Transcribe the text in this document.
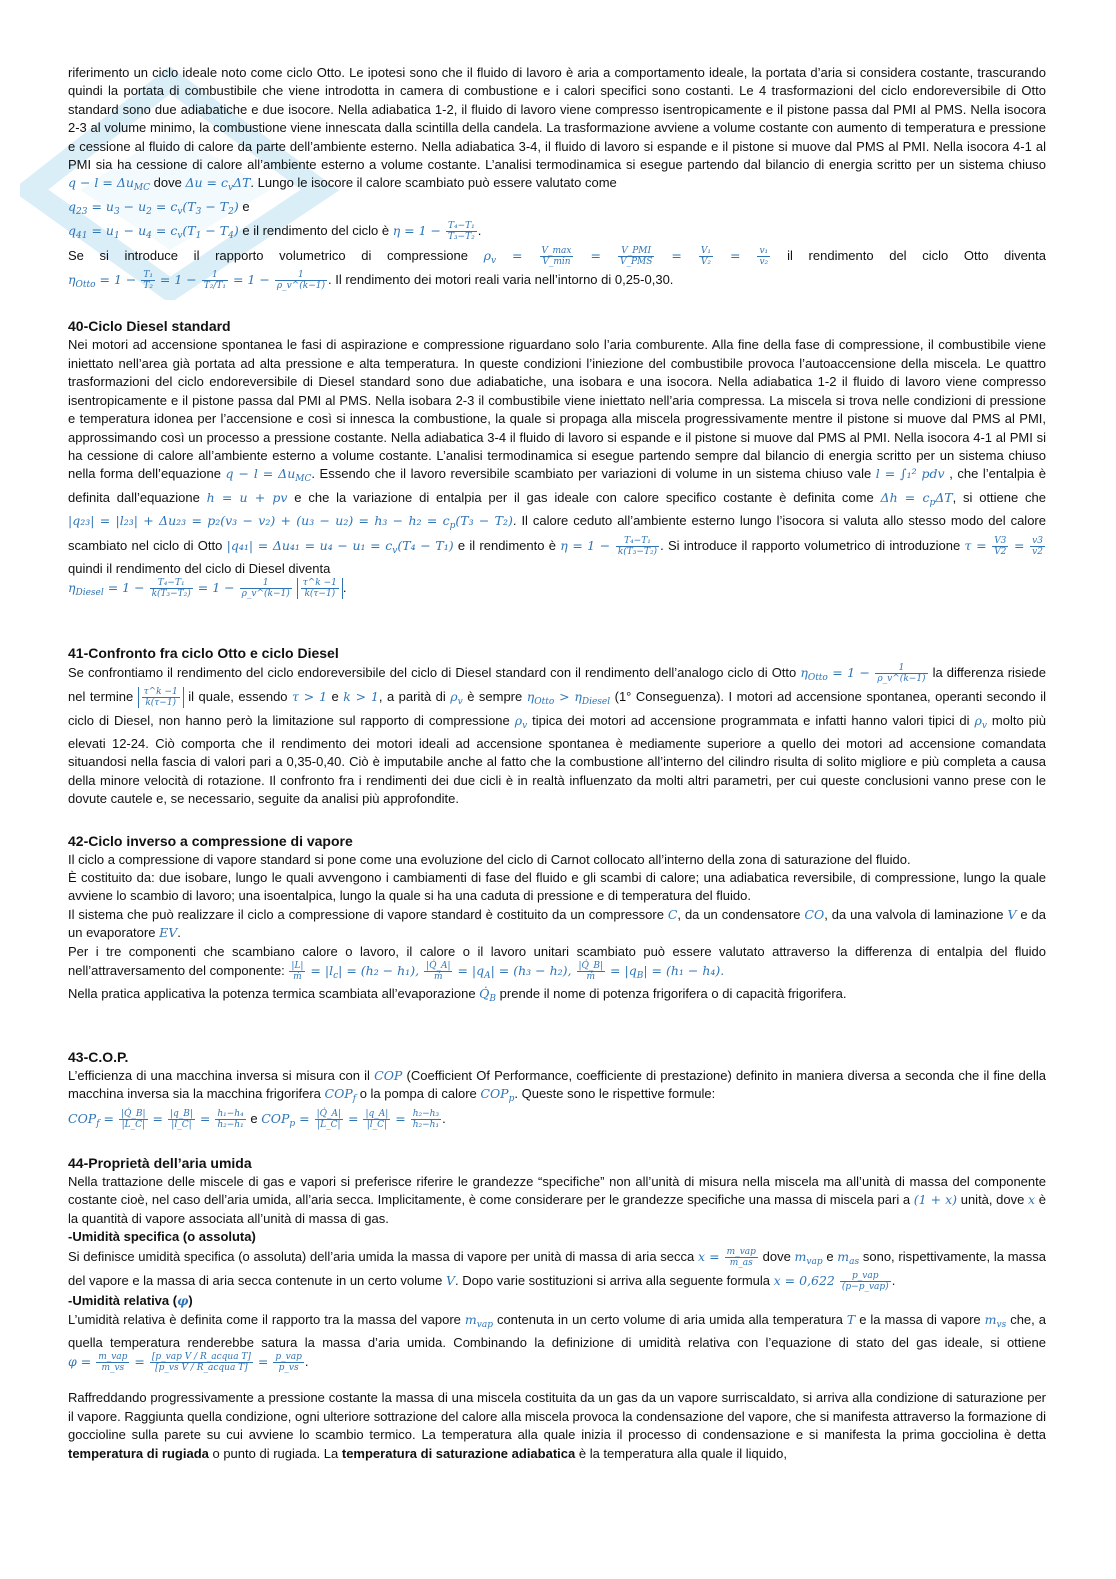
riferimento un ciclo ideale noto come ciclo Otto. Le ipotesi sono che il fluido di lavoro è aria a comportamento ideale, la portata d’aria si considera costante, trascurando quindi la portata di combustibile che viene introdotta in camera di combustione e i calori specifici sono costanti. Le 4 trasformazioni del ciclo endoreversibile di Otto standard sono due adiabatiche e due isocore. Nella adiabatica 1-2, il fluido di lavoro viene compresso isentropicamente e il pistone passa dal PMI al PMS. Nella isocora 2-3 al volume minimo, la combustione viene innescata dalla scintilla della candela. La trasformazione avviene a volume costante con aumento di temperatura e pressione e cessione al fluido di calore da parte dell’ambiente esterno. Nella adiabatica 3-4, il fluido di lavoro si espande e il pistone si muove dal PMS al PMI. Nella isocora 4-1 al PMI sia ha cessione di calore all’ambiente esterno a volume costante. L’analisi termodinamica si esegue partendo dal bilancio di energia scritto per un sistema chiuso $q - l = \Delta u_{MC}$ dove $\Delta u = c_v\Delta T$. Lungo le isocore il calore scambiato può essere valutato come

$q_{23} = u_3 - u_2 = c_v(T_3 - T_2)$ e
$q_{41} = u_1 - u_4 = c_v(T_1 - T_4)$ e il rendimento del ciclo è $\eta = 1 - \frac{\text{T₄−T₁}}{\text{T₃−T₂}}$ .

Se si introduce il rapporto volumetrico di compressione $\rho_v = \frac{V\_\max}{V\_\min} = \frac{\text{V\_PMI}}{\text{V\_PMS}} = \frac{\text{V₁}}{\text{V₂}} = \frac{\text{v₁}}{\text{v₂}}$ il rendimento del ciclo Otto diventa $\eta_{Otto} = 1 - \frac{\text{T₁}}{\text{T₂}} = 1 - \frac{1}{\text{T₂/T₁}} = 1 - \frac{1}{\rho\_v\^{}(k-1)}$ . Il rendimento dei motori reali varia nell’intorno di 0,25-0,30.

40-Ciclo Diesel standard

Nei motori ad accensione spontanea le fasi di aspirazione e compressione riguardano solo l’aria comburente. Alla fine della fase di compressione, il combustibile viene iniettato nell’area già portata ad alta pressione e alta temperatura. In queste condizioni l’iniezione del combustibile provoca l’autoaccensione della miscela. Le quattro trasformazioni del ciclo endoreversibile di Diesel standard sono due adiabatiche, una isobara e una isocora. Nella adiabatica 1-2 il fluido di lavoro viene compresso isentropicamente e il pistone passa dal PMI al PMS. Nella isobara 2-3 il combustibile viene iniettato nell’aria compressa. La miscela si trova nelle condizioni di pressione e temperatura idonea per l’accensione e così si innesca la combustione, la quale si propaga alla miscela progressivamente mentre il pistone si muove dal PMS al PMI, approssimando così un processo a pressione costante. Nella adiabatica 3-4 il fluido di lavoro si espande e il pistone si muove dal PMS al PMI. Nella isocora 4-1 al PMI si ha cessione di calore all’ambiente esterno a volume costante. L’analisi termodinamica si esegue partendo sempre dal bilancio di energia scritto per un sistema chiuso nella forma dell’equazione $q - l = \Delta u_{MC}$. Essendo che il lavoro reversibile scambiato per variazioni di volume in un sistema chiuso vale l = ∫₁² pdv , che l’entalpia è definita dall’equazione h = u + pv e che la variazione di entalpia per il gas ideale con calore specifico costante è definita come $\Delta h = c_p\Delta T$, si ottiene che $|q_{23}| = |l_{23}| + \Delta u_{23} = p_2(v_3 - v_2) + (u_3 - u_2) = h_3 - h_2 = c_p(T_3 - T_2)$. Il calore ceduto all’ambiente esterno lungo l’isocora si valuta allo stesso modo del calore scambiato nel ciclo di Otto $|q_{41}| = \Delta u_{41} = u_4 - u_1 = c_v(T_4 - T_1)$ e il rendimento è $\eta = 1 - \frac{\text{T₄−T₁}}{\text{k(T₃−T₂)}}$ . Si introduce il rapporto volumetrico di introduzione $\tau = \frac{V3}{V2} = \frac{v3}{v2}$
quindi il rendimento del ciclo di Diesel diventa

$\eta_{Diesel} = 1 - \frac{\text{T₄−T₁}}{\text{k(T₃−T₂)}} = 1 - \frac{1}{\rho\_v\^{}(k-1)}$
$\frac{\tau\^{}k -1}{k(\tau-1)}$ .
41-Confronto fra ciclo Otto e ciclo Diesel

Se confrontiamo il rendimento del ciclo endoreversibile del ciclo di Diesel standard con il rendimento dell’analogo ciclo di Otto $\eta_{Otto} = 1 - \frac{1}{\rho\_v\^{}(k-1)}$ la differenza risiede nel termine $\frac{\tau\^{}k -1}{k(\tau-1)}$ il quale, essendo τ > 1 e k > 1, a parità di $\rho_v$ è sempre $\eta_{Otto} > \eta_{Diesel}$ (1° Conseguenza). I motori ad accensione spontanea, operanti secondo il ciclo di Diesel, non hanno però la limitazione sul rapporto di compressione $\rho_v$ tipica dei motori ad accensione programmata e infatti hanno valori tipici di $\rho_v$ molto più elevati 12-24. Ciò comporta che il rendimento dei motori ideali ad accensione spontanea è mediamente superiore a quello dei motori ad accensione comandata situandosi nella fascia di valori pari a 0,35-0,40. Ciò è imputabile anche al fatto che la combustione all’interno del cilindro risulta di solito migliore e più completa a causa della minore velocità di rotazione. Il confronto fra i rendimenti dei due cicli è in realtà influenzato da molti altri parametri, per cui queste conclusioni vanno prese con le dovute cautele e, se necessario, seguite da analisi più approfondite.

42-Ciclo inverso a compressione di vapore

Il ciclo a compressione di vapore standard si pone come una evoluzione del ciclo di Carnot collocato all’interno della zona di saturazione del fluido.

È costituito da: due isobare, lungo le quali avvengono i cambiamenti di fase del fluido e gli scambi di calore; una adiabatica reversibile, di compressione, lungo la quale avviene lo scambio di lavoro; una isoentalpica, lungo la quale si ha una caduta di pressione e di temperatura del fluido.

Il sistema che può realizzare il ciclo a compressione di vapore standard è costituito da un compressore C, da un condensatore CO, da una valvola di laminazione V e da un evaporatore EV.

Per i tre componenti che scambiano calore o lavoro, il calore o il lavoro unitari scambiato può essere valutato attraverso la differenza di entalpia del fluido nell’attraversamento del componente: $\frac{|L|}{\text{ṁ}} = |l_c| = (h_2 - h_1)$, $\frac{|Q̇\_A|}{\text{ṁ}} = |q_A| = (h_3 - h_2)$, $\frac{|Q̇\_B|}{\text{ṁ}} = |q_B| = (h_1 - h_4)$.

Nella pratica applicativa la potenza termica scambiata all’evaporazione $Q̇_B$ prende il nome di potenza frigorifera o di capacità frigorifera.

43-C.O.P.

L’efficienza di una macchina inversa si misura con il COP (Coefficient Of Performance, coefficiente di prestazione) definito in maniera diversa a seconda che il fine della macchina inversa sia la macchina frigorifera $COP_f$ o la pompa di calore $COP_p$. Queste sono le rispettive formule:

$COP_f = \frac{|Q̇\_B|}{|L\_C|} = \frac{|q\_B|}{|l\_C|} = \frac{\text{h₁−h₄}}{\text{h₂−h₁}}$ e $COP_p = \frac{|Q̇\_A|}{|L\_C|} = \frac{|q\_A|}{|l\_C|} = \frac{\text{h₂−h₃}}{\text{h₂−h₁}}$ .
44-Proprietà dell’aria umida

Nella trattazione delle miscele di gas e vapori si preferisce riferire le grandezze “specifiche” non all’unità di misura nella miscela ma all’unità di massa del componente costante cioè, nel caso dell’aria umida, all’aria secca. Implicitamente, è come considerare per le grandezze specifiche una massa di miscela pari a (1 + x) unità, dove x è la quantità di vapore associata all’unità di massa di gas.

-Umidità specifica (o assoluta)

Si definisce umidità specifica (o assoluta) dell’aria umida la massa di vapore per unità di massa di aria secca $x = \frac{\text{m\_vap}}{m\_as}$ dove $m_{vap}$ e $m_{as}$ sono, rispettivamente, la massa del vapore e la massa di aria secca contenute in un certo volume V. Dopo varie sostituzioni si arriva alla seguente formula $x = 0,622 \frac{\text{p\_vap}}{\text{(p−p\_vap)}}$ .

-Umidità relativa (φ)

L’umidità relativa è definita come il rapporto tra la massa del vapore $m_{vap}$ contenuta in un certo volume di aria umida alla temperatura T e la massa di vapore $m_{vs}$ che, a quella temperatura renderebbe satura la massa d’aria umida. Combinando la definizione di umidità relativa con l’equazione di stato del gas ideale, si ottiene $\varphi = \frac{\text{m\_vap}}{m\_vs} = \frac{\text{[p\_vap V / R\_acqua T]}}{\text{[p\_vs V / R\_acqua T]}} = \frac{\text{p\_vap}}{p\_vs}$ .

Raffreddando progressivamente a pressione costante la massa di una miscela costituita da un gas da un vapore surriscaldato, si arriva alla condizione di saturazione per il vapore. Raggiunta quella condizione, ogni ulteriore sottrazione del calore alla miscela provoca la condensazione del vapore, che si manifesta attraverso la formazione di goccioline sulla parete su cui avviene lo scambio termico. La temperatura alla quale inizia il processo di condensazione e si manifesta la prima gocciolina è detta temperatura di rugiada o punto di rugiada. La temperatura di saturazione adiabatica è la temperatura alla quale il liquido,
